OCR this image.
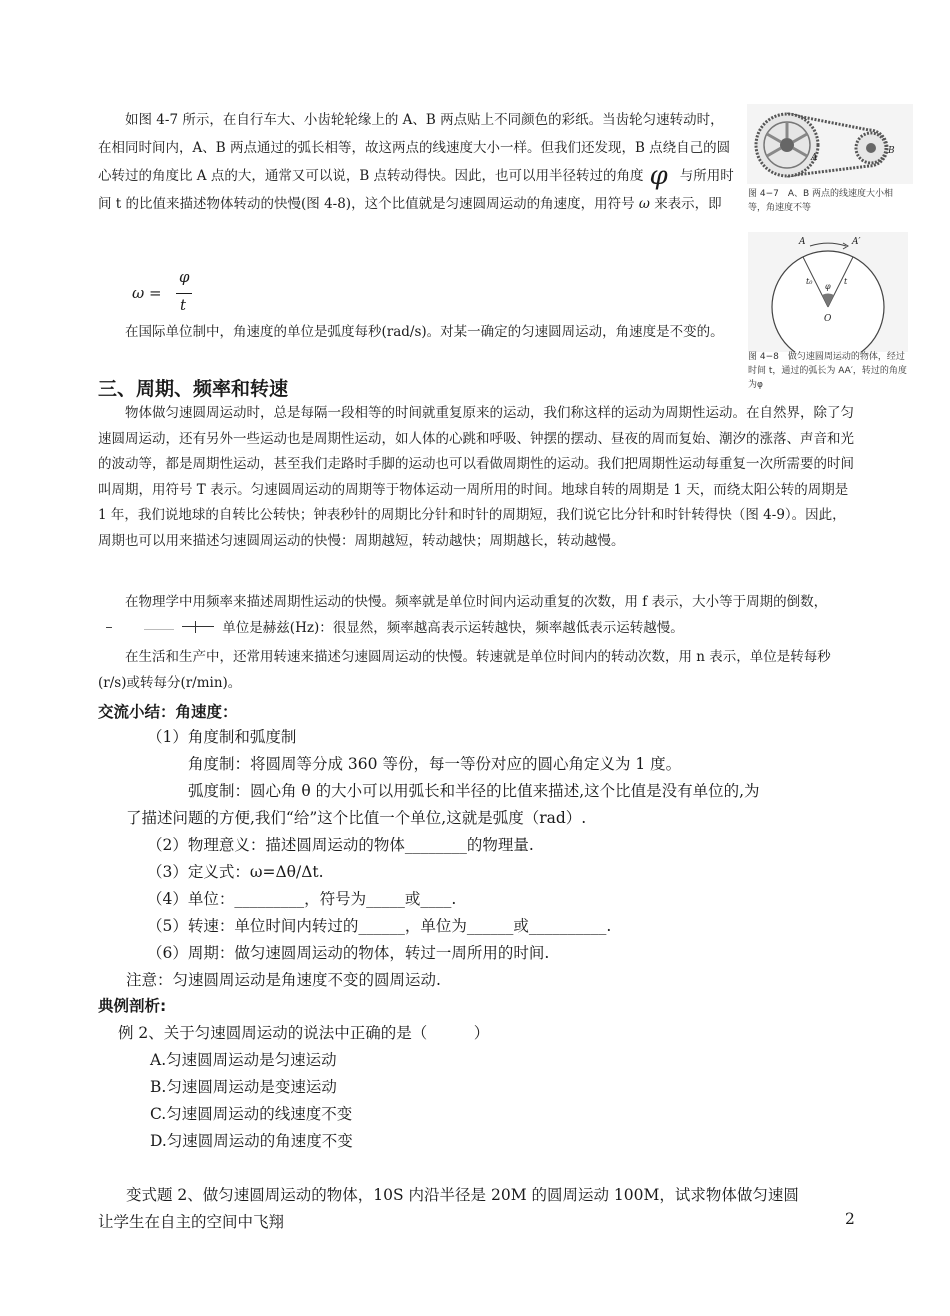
如图 4-7 所示，在自行车大、小齿轮轮缘上的 A、B 两点贴上不同颜色的彩纸。当齿轮匀速转动时，在相同时间内，A、B 两点通过的弧长相等，故这两点的线速度大小一样。但我们还发现，B 点绕自己的圆心转过的角度比 A 点的大，通常又可以说，B 点转动得快。因此，也可以用半径转过的角度 φ 与所用时间 t 的比值来描述物体转动的快慢(图 4-8)，这个比值就是匀速圆周运动的角速度，用符号 ω 来表示，即
ω =
φ
t
在国际单位制中，角速度的单位是弧度每秒(rad/s)。对某一确定的匀速圆周运动，角速度是不变的。
A
B
图 4−7　A、B 两点的线速度大小相等，角速度不等
A	A′
O
φ
t
t₀
图 4−8　做匀速圆周运动的物体，经过时间 t，通过的弧长为 AA′，转过的角度为φ
三、周期、频率和转速
物体做匀速圆周运动时，总是每隔一段相等的时间就重复原来的运动，我们称这样的运动为周期性运动。在自然界，除了匀速圆周运动，还有另外一些运动也是周期性运动，如人体的心跳和呼吸、钟摆的摆动、昼夜的周而复始、潮汐的涨落、声音和光的波动等，都是周期性运动，甚至我们走路时手脚的运动也可以看做周期性的运动。我们把周期性运动每重复一次所需要的时间叫周期，用符号 T 表示。匀速圆周运动的周期等于物体运动一周所用的时间。地球自转的周期是 1 天，而绕太阳公转的周期是 1 年，我们说地球的自转比公转快；钟表秒针的周期比分针和时针的周期短，我们说它比分针和时针转得快（图 4-9）。因此，周期也可以用来描述匀速圆周运动的快慢：周期越短，转动越快；周期越长，转动越慢。
在物理学中用频率来描述周期性运动的快慢。频率就是单位时间内运动重复的次数，用 f 表示，大小等于周期的倒数，
单位是赫兹(Hz)：很显然，频率越高表示运转越快，频率越低表示运转越慢。
在生活和生产中，还常用转速来描述匀速圆周运动的快慢。转速就是单位时间内的转动次数，用 n 表示，单位是转每秒(r/s)或转每分(r/min)。
交流小结：角速度：
（1）角度制和弧度制
角度制：将圆周等分成 360 等份，每一等份对应的圆心角定义为 1 度。
弧度制：圆心角 θ 的大小可以用弧长和半径的比值来描述,这个比值是没有单位的,为
了描述问题的方便,我们“给”这个比值一个单位,这就是弧度（rad）.
（2）物理意义：描述圆周运动的物体________的物理量.
（3）定义式：ω=Δθ/Δt.
（4）单位：_________，符号为_____或____.
（5）转速：单位时间内转过的______，单位为______或__________.
（6）周期：做匀速圆周运动的物体，转过一周所用的时间.
注意：匀速圆周运动是角速度不变的圆周运动.
典例剖析:
例 2、关于匀速圆周运动的说法中正确的是（　　　）
A.匀速圆周运动是匀速运动
B.匀速圆周运动是变速运动
C.匀速圆周运动的线速度不变
D.匀速圆周运动的角速度不变
变式题 2、做匀速圆周运动的物体，10S 内沿半径是 20M 的圆周运动 100M，试求物体做匀速圆
让学生在自主的空间中飞翔	2
